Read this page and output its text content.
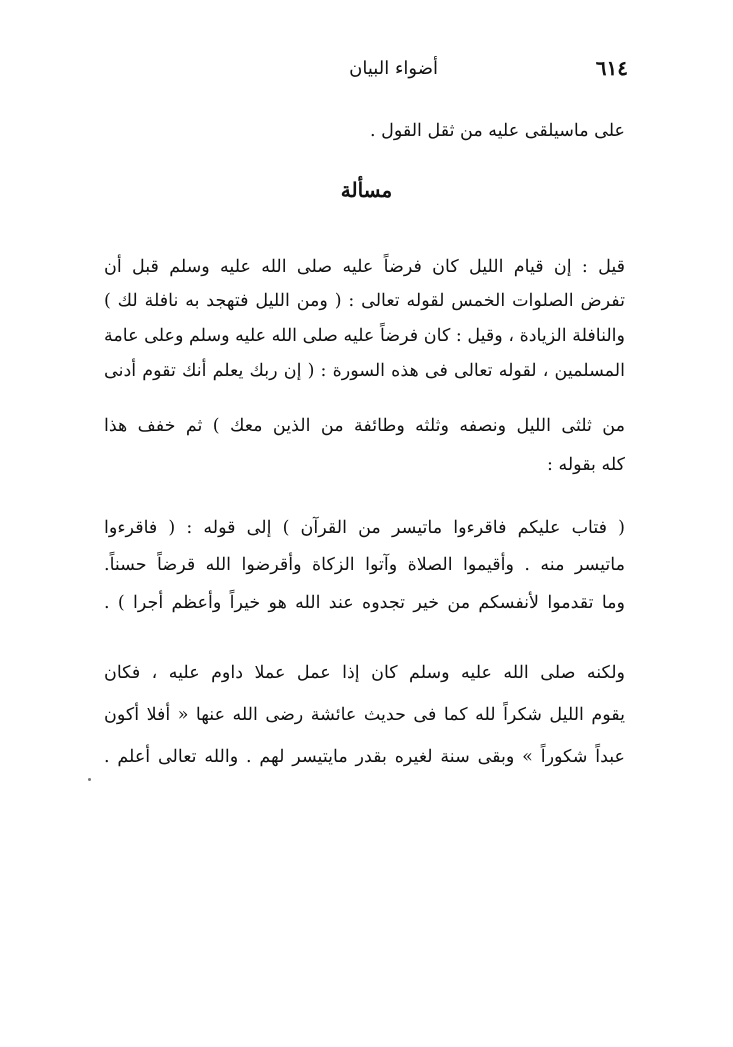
٦١٤
أضواء البيان
على ماسيلقى عليه من ثقل القول .
مسألة
قيل : إن قيام الليل كان فرضاً عليه صلى الله عليه وسلم قبل أن
تفرض الصلوات الخمس لقوله تعالى : ( ومن الليل فتهجد به نافلة لك )
والنافلة الزيادة ، وقيل : كان فرضاً عليه صلى الله عليه وسلم وعلى عامة
المسلمين ، لقوله تعالى فى هذه السورة : ( إن ربك يعلم أنك تقوم أدنى
من ثلثى الليل ونصفه وثلثه وطائفة من الذين معك ) ثم خفف هذا
كله بقوله :
( فتاب عليكم فاقرءوا ماتيسر من القرآن ) إلى قوله : ( فاقرءوا
ماتيسر منه . وأقيموا الصلاة وآتوا الزكاة وأقرضوا الله قرضاً حسناً.
وما تقدموا لأنفسكم من خير تجدوه عند الله هو خيراً وأعظم أجرا ) .
ولكنه صلى الله عليه وسلم كان إذا عمل عملا داوم عليه ، فكان
يقوم الليل شكراً لله كما فى حديث عائشة رضى الله عنها « أفلا أكون
عبداً شكوراً » وبقى سنة لغيره بقدر مايتيسر لهم . والله تعالى أعلم .
